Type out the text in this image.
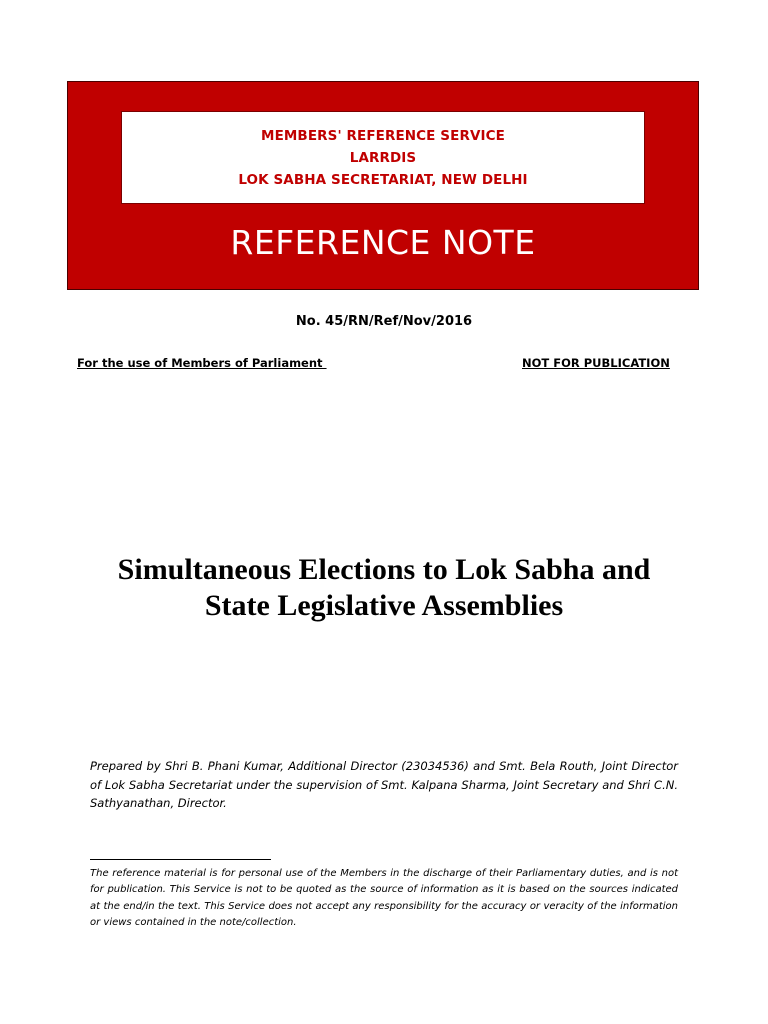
MEMBERS' REFERENCE SERVICE
LARRDIS
LOK SABHA SECRETARIAT, NEW DELHI
REFERENCE NOTE
No. 45/RN/Ref/Nov/2016
For the use of Members of Parliament	NOT FOR PUBLICATION
Simultaneous Elections to Lok Sabha and
State Legislative Assemblies
Prepared by Shri B. Phani Kumar, Additional Director (23034536) and Smt. Bela Routh, Joint Director of Lok Sabha Secretariat under the supervision of Smt. Kalpana Sharma, Joint Secretary and Shri C.N. Sathyanathan, Director.
The reference material is for personal use of the Members in the discharge of their Parliamentary duties, and is not for publication. This Service is not to be quoted as the source of information as it is based on the sources indicated at the end/in the text. This Service does not accept any responsibility for the accuracy or veracity of the information or views contained in the note/collection.
